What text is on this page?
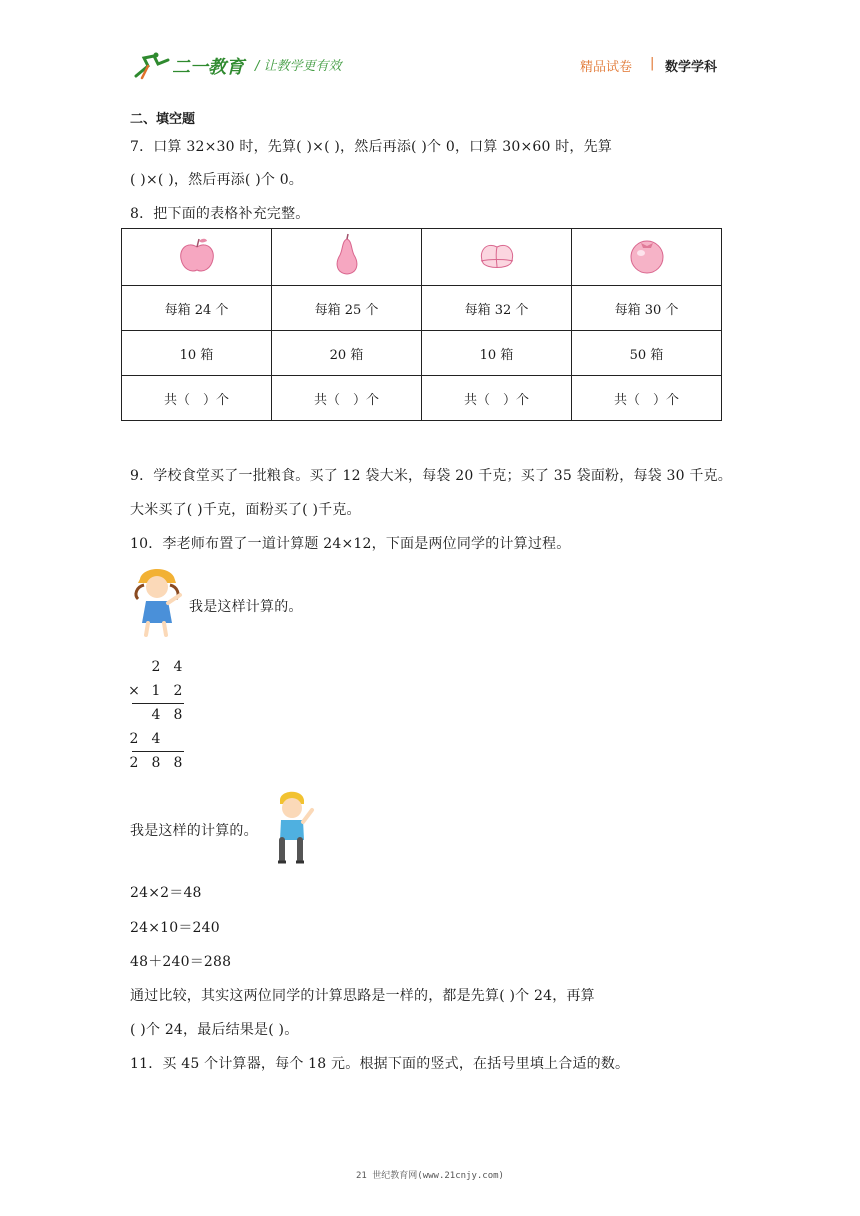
二一教育 / 让教学更有效	精品试卷 | 数学学科
二、填空题
7．口算 32×30 时，先算( )×( )，然后再添( )个 0，口算 30×60 时，先算
( )×( )，然后再添( )个 0。
8．把下面的表格补充完整。

每箱 24 个	每箱 25 个	每箱 32 个	每箱 30 个
10 箱	20 箱	10 箱	50 箱
共（　）个	共（　）个	共（　）个	共（　）个
9．学校食堂买了一批粮食。买了 12 袋大米，每袋 20 千克；买了 35 袋面粉，每袋 30 千克。
大米买了( )千克，面粉买了( )千克。
10．李老师布置了一道计算题 24×12，下面是两位同学的计算过程。
我是这样计算的。
2 4
× 1 2
4 8
2 4
2 8 8
我是这样的计算的。
24×2＝48
24×10＝240
48＋240＝288
通过比较，其实这两位同学的计算思路是一样的，都是先算( )个 24，再算
( )个 24，最后结果是( )。
11．买 45 个计算器，每个 18 元。根据下面的竖式，在括号里填上合适的数。
21 世纪教育网(www.21cnjy.com)
